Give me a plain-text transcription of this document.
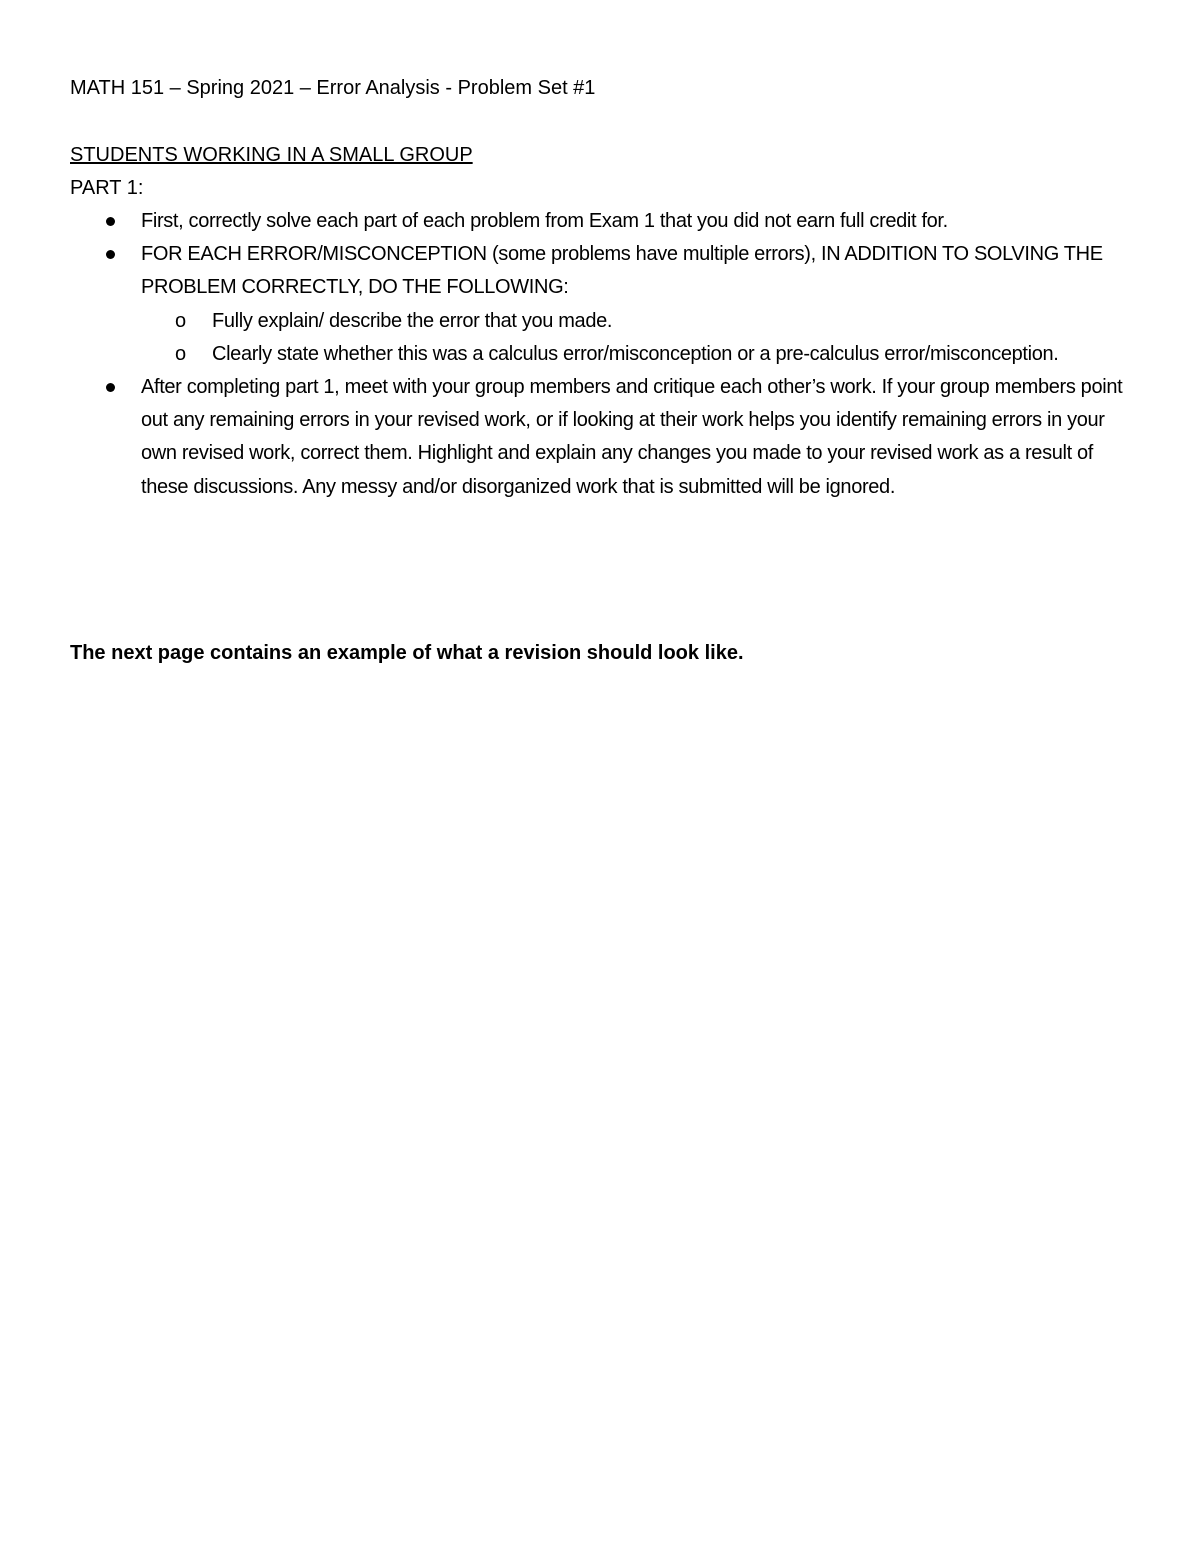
MATH 151 – Spring 2021 – Error Analysis - Problem Set #1
STUDENTS WORKING IN A SMALL GROUP
PART 1:
First, correctly solve each part of each problem from Exam 1 that you did not earn full credit for.
FOR EACH ERROR/MISCONCEPTION (some problems have multiple errors), IN ADDITION TO SOLVING THE PROBLEM CORRECTLY, DO THE FOLLOWING:
o Fully explain/ describe the error that you made.
o Clearly state whether this was a calculus error/misconception or a pre-calculus error/misconception.
After completing part 1, meet with your group members and critique each other’s work. If your group members point out any remaining errors in your revised work, or if looking at their work helps you identify remaining errors in your own revised work, correct them. Highlight and explain any changes you made to your revised work as a result of these discussions. Any messy and/or disorganized work that is submitted will be ignored.
The next page contains an example of what a revision should look like.
